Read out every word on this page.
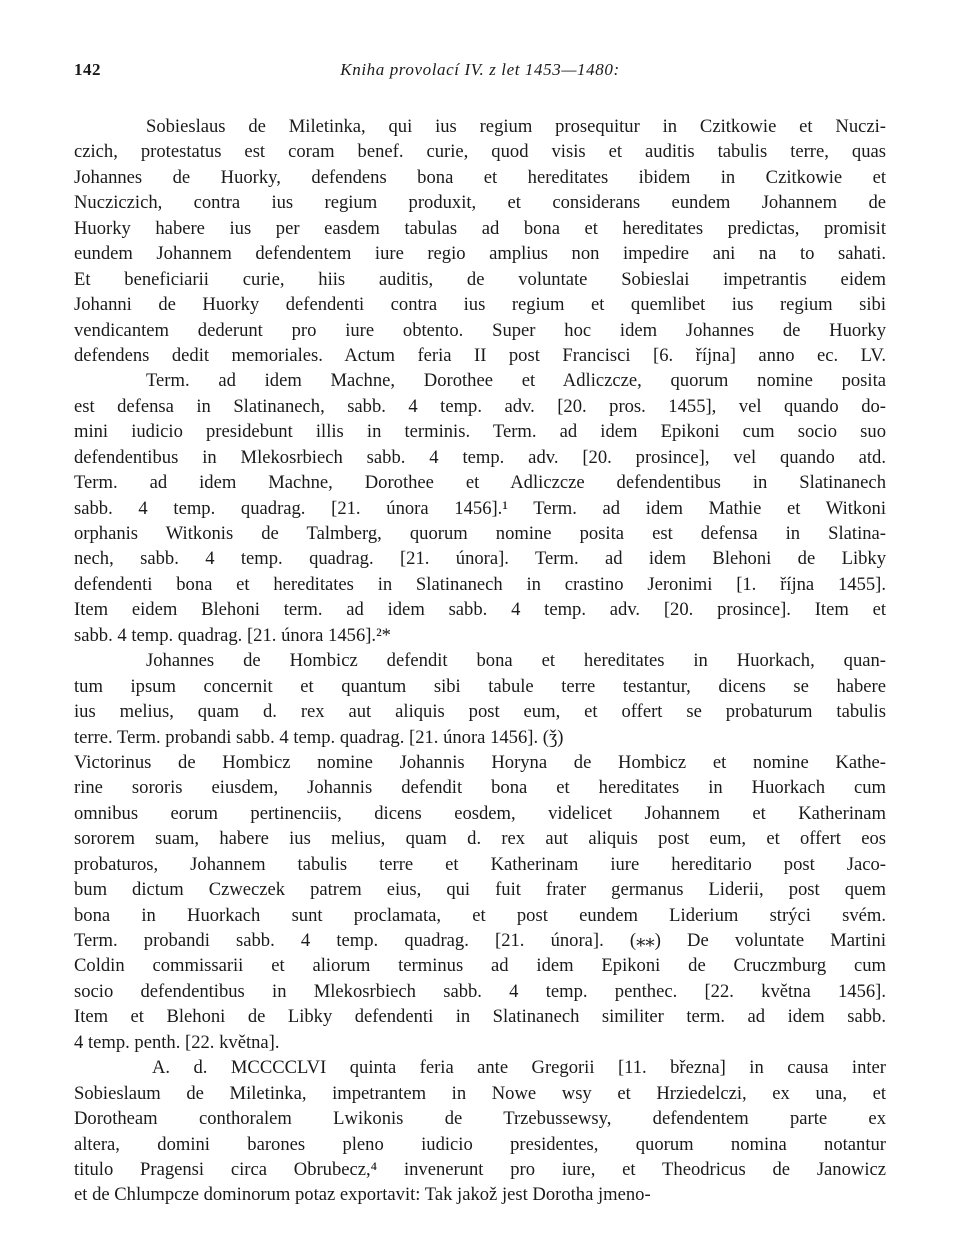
142	Kniha provolací IV. z let 1453—1480:
Sobieslaus de Miletinka, qui ius regium prosequitur in Czitkowie et Nuczi-
czich, protestatus est coram benef. curie, quod visis et auditis tabulis terre, quas
Johannes de Huorky, defendens bona et hereditates ibidem in Czitkowie et
Nucziczich, contra ius regium produxit, et considerans eundem Johannem de
Huorky habere ius per easdem tabulas ad bona et hereditates predictas, promisit
eundem Johannem defendentem iure regio amplius non impedire ani na to sahati.
Et beneficiarii curie, hiis auditis, de voluntate Sobieslai impetrantis eidem
Johanni de Huorky defendenti contra ius regium et quemlibet ius regium sibi
vendicantem dederunt pro iure obtento. Super hoc idem Johannes de Huorky
defendens dedit memoriales. Actum feria II post Francisci [6. října] anno ec. LV.
Term. ad idem Machne, Dorothee et Adliczcze, quorum nomine posita
est defensa in Slatinanech, sabb. 4 temp. adv. [20. pros. 1455], vel quando do-
mini iudicio presidebunt illis in terminis. Term. ad idem Epikoni cum socio suo
defendentibus in Mlekosrbiech sabb. 4 temp. adv. [20. prosince], vel quando atd.
Term. ad idem Machne, Dorothee et Adliczcze defendentibus in Slatinanech
sabb. 4 temp. quadrag. [21. února 1456].¹ Term. ad idem Mathie et Witkoni
orphanis Witkonis de Talmberg, quorum nomine posita est defensa in Slatina-
nech, sabb. 4 temp. quadrag. [21. února]. Term. ad idem Blehoni de Libky
defendenti bona et hereditates in Slatinanech in crastino Jeronimi [1. října 1455].
Item eidem Blehoni term. ad idem sabb. 4 temp. adv. [20. prosince]. Item et
sabb. 4 temp. quadrag. [21. února 1456].²*
Johannes de Hombicz defendit bona et hereditates in Huorkach, quan-
tum ipsum concernit et quantum sibi tabule terre testantur, dicens se habere
ius melius, quam d. rex aut aliquis post eum, et offert se probaturum tabulis
terre. Term. probandi sabb. 4 temp. quadrag. [21. února 1456]. (ǯ)
Victorinus de Hombicz nomine Johannis Horyna de Hombicz et nomine Kathe-
rine sororis eiusdem, Johannis defendit bona et hereditates in Huorkach cum
omnibus eorum pertinenciis, dicens eosdem, videlicet Johannem et Katherinam
sororem suam, habere ius melius, quam d. rex aut aliquis post eum, et offert eos
probaturos, Johannem tabulis terre et Katherinam iure hereditario post Jaco-
bum dictum Czweczek patrem eius, qui fuit frater germanus Liderii, post quem
bona in Huorkach sunt proclamata, et post eundem Liderium strýci svém.
Term. probandi sabb. 4 temp. quadrag. [21. února]. (⁎⁎) De voluntate Martini
Coldin commissarii et aliorum terminus ad idem Epikoni de Cruczmburg cum
socio defendentibus in Mlekosrbiech sabb. 4 temp. penthec. [22. května 1456].
Item et Blehoni de Libky defendenti in Slatinanech similiter term. ad idem sabb.
4 temp. penth. [22. května].
A. d. MCCCCLVI quinta feria ante Gregorii [11. března] in causa inter
Sobieslaum de Miletinka, impetrantem in Nowe wsy et Hrziedelczi, ex una, et
Dorotheam conthoralem Lwikonis de Trzebussewsy, defendentem parte ex
altera, domini barones pleno iudicio presidentes, quorum nomina notantur
titulo Pragensi circa Obrubecz,⁴ invenerunt pro iure, et Theodricus de Janowicz
et de Chlumpcze dominorum potaz exportavit: Tak jakož jest Dorotha jmeno-
